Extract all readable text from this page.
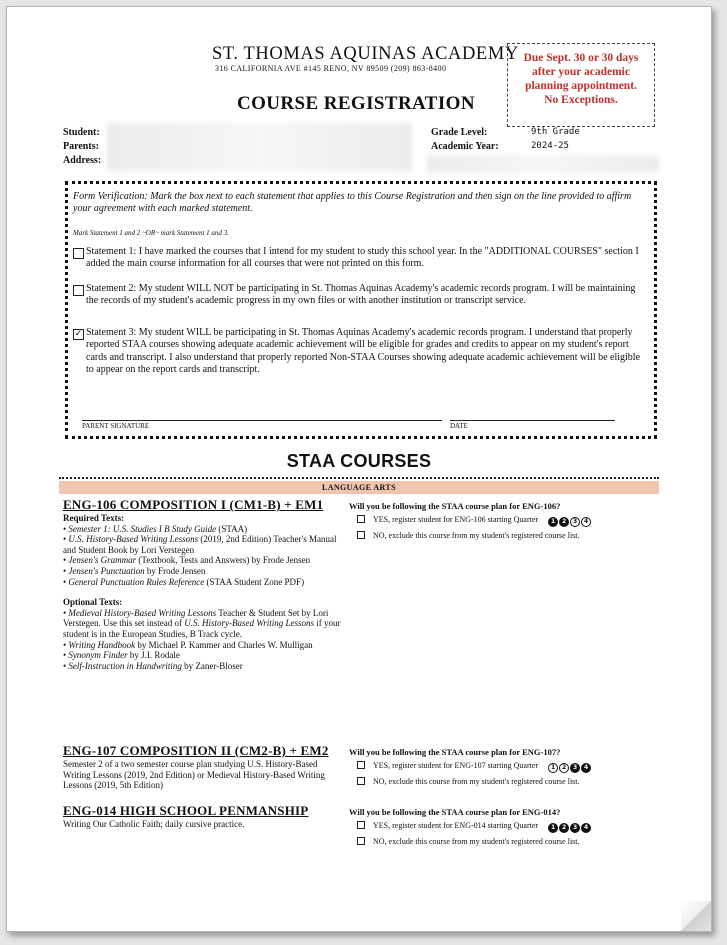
ST. THOMAS AQUINAS ACADEMY
316 CALIFORNIA AVE #145 RENO, NV 89509 (209) 863-8400
Due Sept. 30 or 30 days
after your academic
planning appointment.
No Exceptions.
COURSE REGISTRATION
Student:
Parents:
Address:
Grade Level:	9th Grade
Academic Year:	2024-25
Form Verification: Mark the box next to each statement that applies to this Course Registration and then sign on the line provided to affirm your agreement with each marked statement.
Mark Statement 1 and 2 ~OR~ mark Statement 1 and 3.
Statement 1: I have marked the courses that I intend for my student to study this school year. In the "ADDITIONAL COURSES" section I added the main course information for all courses that were not printed on this form.
Statement 2: My student WILL NOT be participating in St. Thomas Aquinas Academy's academic records program. I will be maintaining the records of my student's academic progress in my own files or with another institution or transcript service.
✓ Statement 3: My student WILL be participating in St. Thomas Aquinas Academy's academic records program. I understand that properly reported STAA courses showing adequate academic achievement will be eligible for grades and credits to appear on my student's report cards and transcript. I also understand that properly reported Non-STAA Courses showing adequate academic achievement will be eligible to appear on the report cards and transcript.
PARENT SIGNATURE	DATE
STAA COURSES
LANGUAGE ARTS
ENG-106 COMPOSITION I (CM1-B) + EM1
Required Texts:

• Semester 1: U.S. Studies I B Study Guide (STAA)

• U.S. History-Based Writing Lessons (2019, 2nd Edition) Teacher's Manual and Student Book by Lori Verstegen

• Jensen's Grammar (Textbook, Tests and Answers) by Frode Jensen

• Jensen's Punctuation by Frode Jensen

• General Punctuation Rules Reference (STAA Student Zone PDF)

Optional Texts:

• Medieval History-Based Writing Lessons Teacher & Student Set by Lori Verstegen. Use this set instead of U.S. History-Based Writing Lessons if your student is in the European Studies, B Track cycle.

• Writing Handbook by Michael P. Kammer and Charles W. Mulligan

• Synonym Finder by J.I. Rodale

• Self-Instruction in Handwriting by Zaner-Bloser

Will you be following the STAA course plan for ENG-106?
YES, register student for ENG-106 starting Quarter	1	2	3	4
NO, exclude this course from my student's registered course list.
ENG-107 COMPOSITION II (CM2-B) + EM2
Semester 2 of a two semester course plan studying U.S. History-Based Writing Lessons (2019, 2nd Edition) or Medieval History-Based Writing Lessons (2019, 5th Edition)
Will you be following the STAA course plan for ENG-107?
YES, register student for ENG-107 starting Quarter	1	2	3	4
NO, exclude this course from my student's registered course list.
ENG-014 HIGH SCHOOL PENMANSHIP
Writing Our Catholic Faith; daily cursive practice.
Will you be following the STAA course plan for ENG-014?
YES, register student for ENG-014 starting Quarter	1	2	3	4
NO, exclude this course from my student's registered course list.
